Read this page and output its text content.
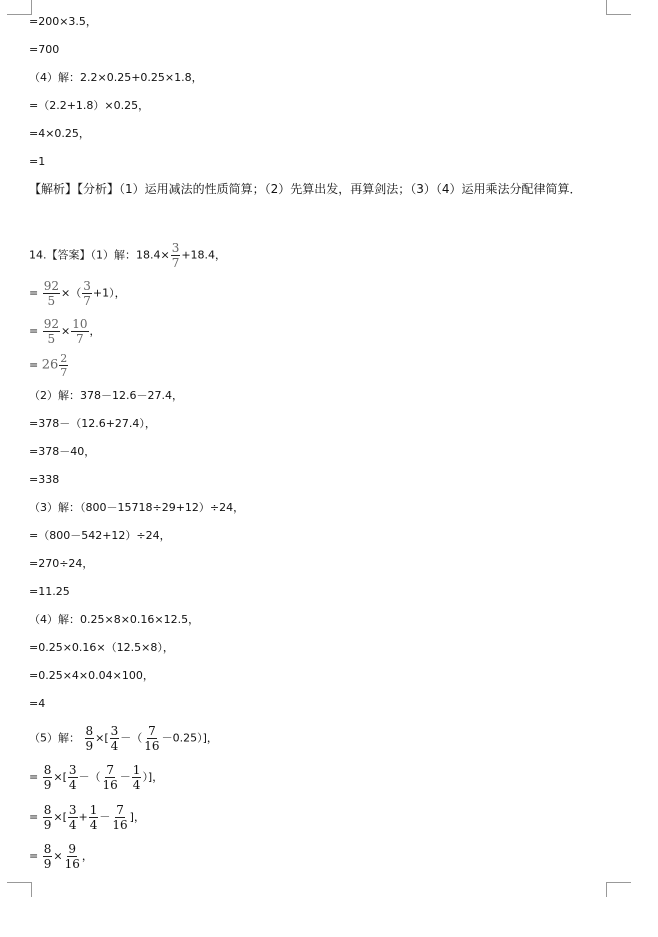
=200×3.5，
=700
（4）解：2.2×0.25+0.25×1.8，
=（2.2+1.8）×0.25，
=4×0.25，
=1
【解析】【分析】（1）运用减法的性质简算；（2）先算出发，再算剑法；（3）（4）运用乘法分配律简算．
14.【答案】（1）解：$18.4\times \frac{3}{7} +18.4$，
= $\frac{92}{5}$ ×（ $\frac{3}{7} +1$），
= $\frac{92}{5} \times \frac{10}{7}$ ，
= $26 \frac{2}{7}$
（2）解：378－12.6－27.4，
=378－（12.6+27.4），
=378－40，
=338
（3）解：（800－15718÷29+12）÷24，
=（800－542+12）÷24，
=270÷24，
=11.25
（4）解：0.25×8×0.16×12.5，
=0.25×0.16×（12.5×8），
=0.25×4×0.04×100，
=4
（5）解： $\frac{8}{9}$ ×[ $\frac{3}{4}$ －（ $\frac{7}{16} -0.25$）]，
= $\frac{8}{9}$ ×[ $\frac{3}{4}$ －（ $\frac{7}{16} - \frac{1}{4}$ ）]，
= $\frac{8}{9}$ ×[ $\frac{3}{4} + \frac{1}{4} - \frac{7}{16}$ ]，
= $\frac{8}{9} \times \frac{9}{16}$ ，
